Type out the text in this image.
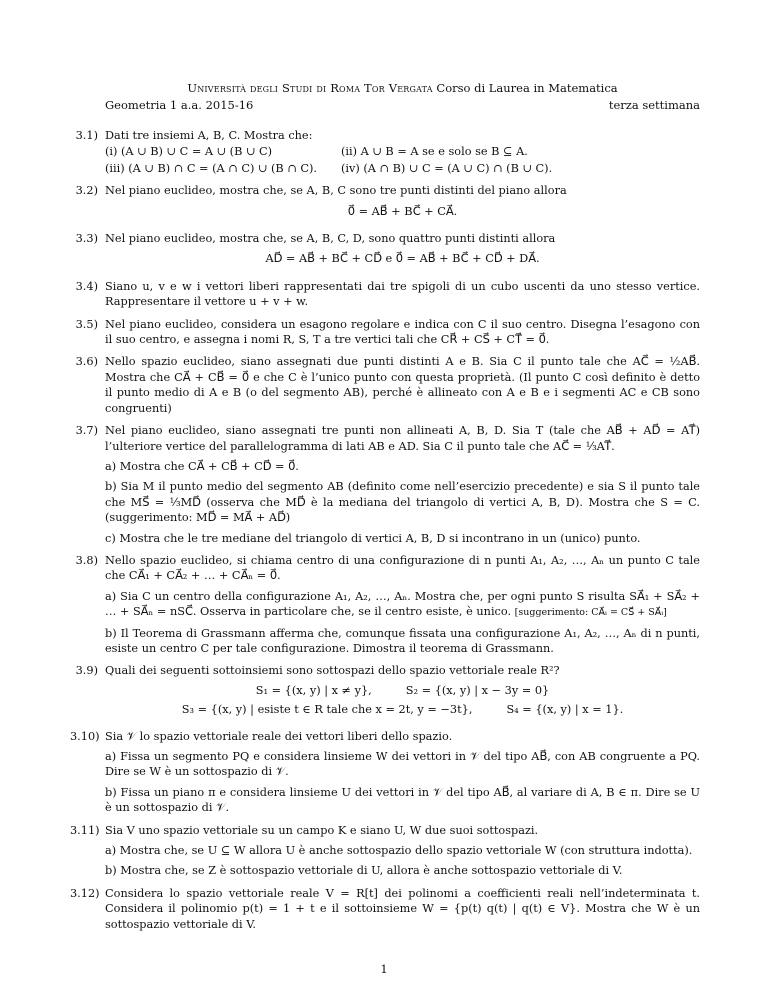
Università degli Studi di Roma Tor Vergata Corso di Laurea in Matematica
Geometria 1 a.a. 2015-16	terza settimana
3.1) Dati tre insiemi A, B, C. Mostra che:

(i) (A ∪ B) ∪ C = A ∪ (B ∪ C)	(ii) A ∪ B = A se e solo se B ⊆ A.
(iii) (A ∪ B) ∩ C = (A ∩ C) ∪ (B ∩ C).	(iv) (A ∩ B) ∪ C = (A ∪ C) ∩ (B ∪ C).
3.2) Nel piano euclideo, mostra che, se A, B, C sono tre punti distinti del piano allora

0⃗ = AB⃗ + BC⃗ + CA⃗.
3.3) Nel piano euclideo, mostra che, se A, B, C, D, sono quattro punti distinti allora

AD⃗ = AB⃗ + BC⃗ + CD⃗ e 0⃗ = AB⃗ + BC⃗ + CD⃗ + DA⃗.
3.4) Siano u, v e w i vettori liberi rappresentati dai tre spigoli di un cubo uscenti da uno stesso vertice. Rappresentare il vettore u + v + w.

3.5) Nel piano euclideo, considera un esagono regolare e indica con C il suo centro. Disegna l’esagono con il suo centro, e assegna i nomi R, S, T a tre vertici tali che CR⃗ + CS⃗ + CT⃗ = 0⃗.

3.6) Nello spazio euclideo, siano assegnati due punti distinti A e B. Sia C il punto tale che AC⃗ = ½AB⃗. Mostra che CA⃗ + CB⃗ = 0⃗ e che C è l’unico punto con questa proprietà. (Il punto C così definito è detto il punto medio di A e B (o del segmento AB), perché è allineato con A e B e i segmenti AC e CB sono congruenti)

3.7) Nel piano euclideo, siano assegnati tre punti non allineati A, B, D. Sia T (tale che AB⃗ + AD⃗ = AT⃗) l’ulteriore vertice del parallelogramma di lati AB e AD. Sia C il punto tale che AC⃗ = ⅓AT⃗.

a) Mostra che CA⃗ + CB⃗ + CD⃗ = 0⃗.

b) Sia M il punto medio del segmento AB (definito come nell’esercizio precedente) e sia S il punto tale che MS⃗ = ⅓MD⃗ (osserva che MD⃗ è la mediana del triangolo di vertici A, B, D). Mostra che S = C. (suggerimento: MD⃗ = MA⃗ + AD⃗)

c) Mostra che le tre mediane del triangolo di vertici A, B, D si incontrano in un (unico) punto.

3.8) Nello spazio euclideo, si chiama centro di una configurazione di n punti A₁, A₂, …, Aₙ un punto C tale che CA⃗₁ + CA⃗₂ + … + CA⃗ₙ = 0⃗.

a) Sia C un centro della configurazione A₁, A₂, …, Aₙ. Mostra che, per ogni punto S risulta SA⃗₁ + SA⃗₂ + … + SA⃗ₙ = nSC⃗. Osserva in particolare che, se il centro esiste, è unico. [suggerimento: CA⃗ᵢ = CS⃗ + SA⃗ᵢ]

b) Il Teorema di Grassmann afferma che, comunque fissata una configurazione A₁, A₂, …, Aₙ di n punti, esiste un centro C per tale configurazione. Dimostra il teorema di Grassmann.

3.9) Quali dei seguenti sottoinsiemi sono sottospazi dello spazio vettoriale reale R²?

S₁ = {(x, y) | x ≠ y},	S₂ = {(x, y) | x − 3y = 0}
S₃ = {(x, y) | esiste t ∈ R tale che x = 2t, y = −3t},	S₄ = {(x, y) | x = 1}.
3.10) Sia 𝒱 lo spazio vettoriale reale dei vettori liberi dello spazio.

a) Fissa un segmento PQ e considera linsieme W dei vettori in 𝒱 del tipo AB⃗, con AB congruente a PQ. Dire se W è un sottospazio di 𝒱.

b) Fissa un piano π e considera linsieme U dei vettori in 𝒱 del tipo AB⃗, al variare di A, B ∈ π. Dire se U è un sottospazio di 𝒱.

3.11) Sia V uno spazio vettoriale su un campo K e siano U, W due suoi sottospazi.

a) Mostra che, se U ⊆ W allora U è anche sottospazio dello spazio vettoriale W (con struttura indotta).

b) Mostra che, se Z è sottospazio vettoriale di U, allora è anche sottospazio vettoriale di V.

3.12) Considera lo spazio vettoriale reale V = R[t] dei polinomi a coefficienti reali nell’indeterminata t. Considera il polinomio p(t) = 1 + t e il sottoinsieme W = {p(t) q(t) | q(t) ∈ V}. Mostra che W è un sottospazio vettoriale di V.

1
